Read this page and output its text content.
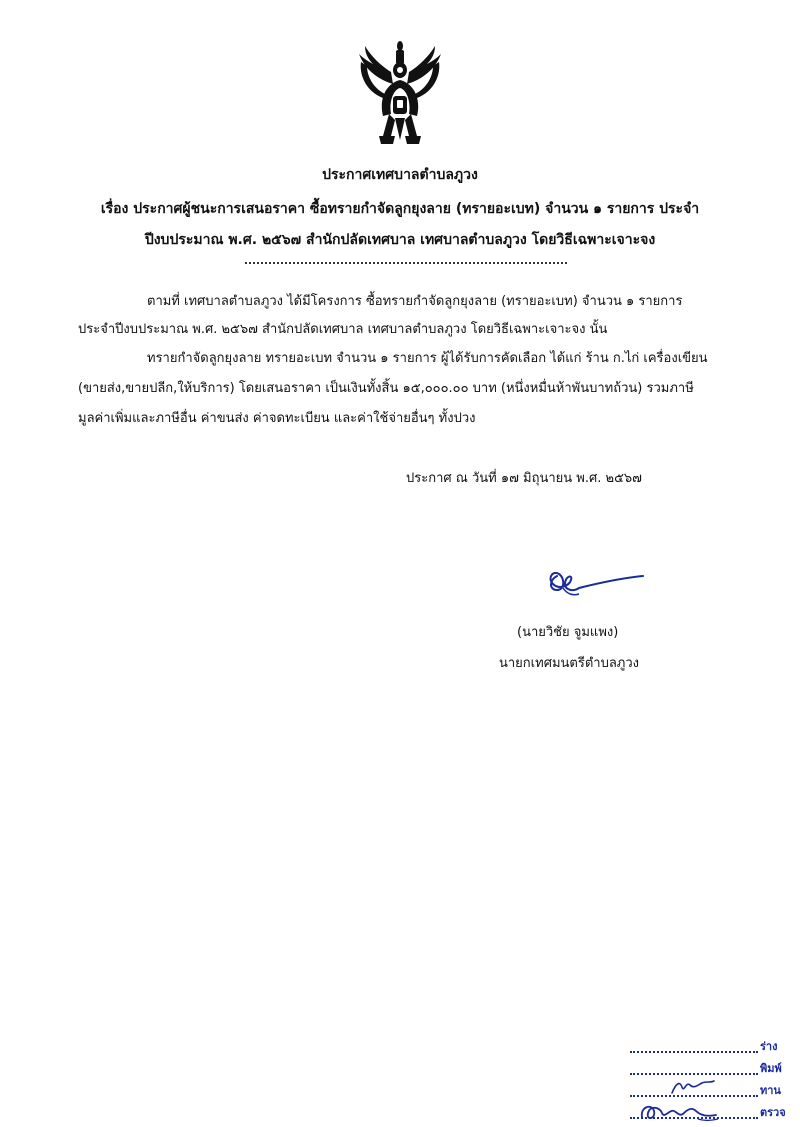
ประกาศเทศบาลตำบลภูวง
เรื่อง ประกาศผู้ชนะการเสนอราคา ซื้อทรายกำจัดลูกยุงลาย (ทรายอะเบท) จำนวน ๑ รายการ ประจำ
ปีงบประมาณ พ.ศ. ๒๕๖๗ สำนักปลัดเทศบาล เทศบาลตำบลภูวง โดยวิธีเฉพาะเจาะจง
ตามที่ เทศบาลตำบลภูวง ได้มีโครงการ ซื้อทรายกำจัดลูกยุงลาย (ทรายอะเบท) จำนวน ๑ รายการ
ประจำปีงบประมาณ พ.ศ. ๒๕๖๗ สำนักปลัดเทศบาล เทศบาลตำบลภูวง โดยวิธีเฉพาะเจาะจง นั้น
ทรายกำจัดลูกยุงลาย ทรายอะเบท จำนวน ๑ รายการ ผู้ได้รับการคัดเลือก ได้แก่ ร้าน ก.ไก่ เครื่องเขียน
(ขายส่ง,ขายปลีก,ให้บริการ) โดยเสนอราคา เป็นเงินทั้งสิ้น ๑๕,๐๐๐.๐๐ บาท (หนึ่งหมื่นห้าพันบาทถ้วน) รวมภาษี
มูลค่าเพิ่มและภาษีอื่น ค่าขนส่ง ค่าจดทะเบียน และค่าใช้จ่ายอื่นๆ ทั้งปวง
ประกาศ ณ วันที่ ๑๗ มิถุนายน พ.ศ. ๒๕๖๗
(นายวิชัย จูมแพง)
นายกเทศมนตรีตำบลภูวง
ร่าง
พิมพ์
ทาน
ตรวจ
